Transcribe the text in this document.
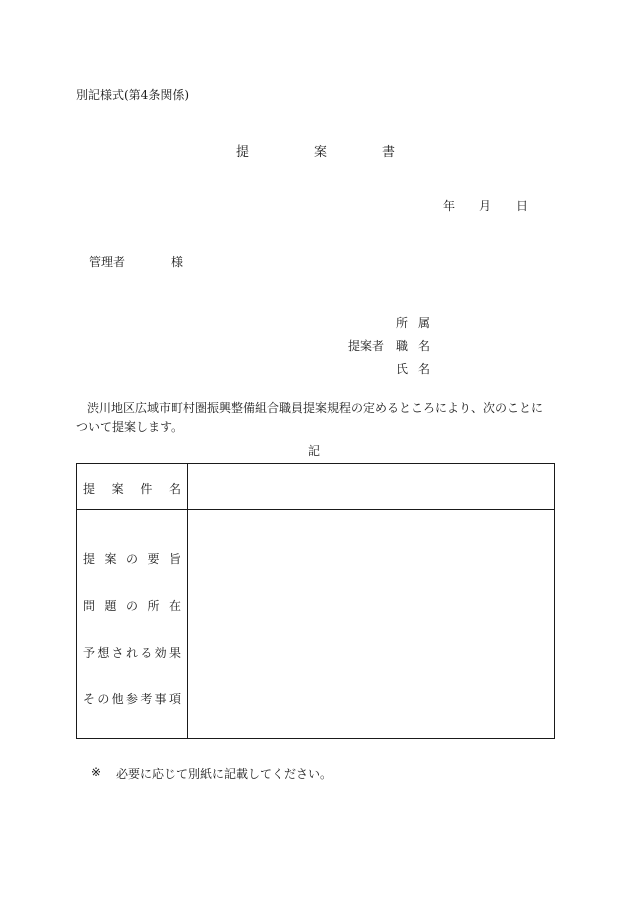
別記様式(第4条関係)
提	案	書
年	月	日
管理者	様
所 属
提案者 職 名
氏 名
渋川地区広域市町村圏振興整備組合職員提案規程の定めるところにより、次のことについて提案します。
記
提 案 件 名
提 案 の 要 旨
問 題 の 所 在
予 想 さ れ る 効 果
そ の 他 参 考 事 項
※	必要に応じて別紙に記載してください。
